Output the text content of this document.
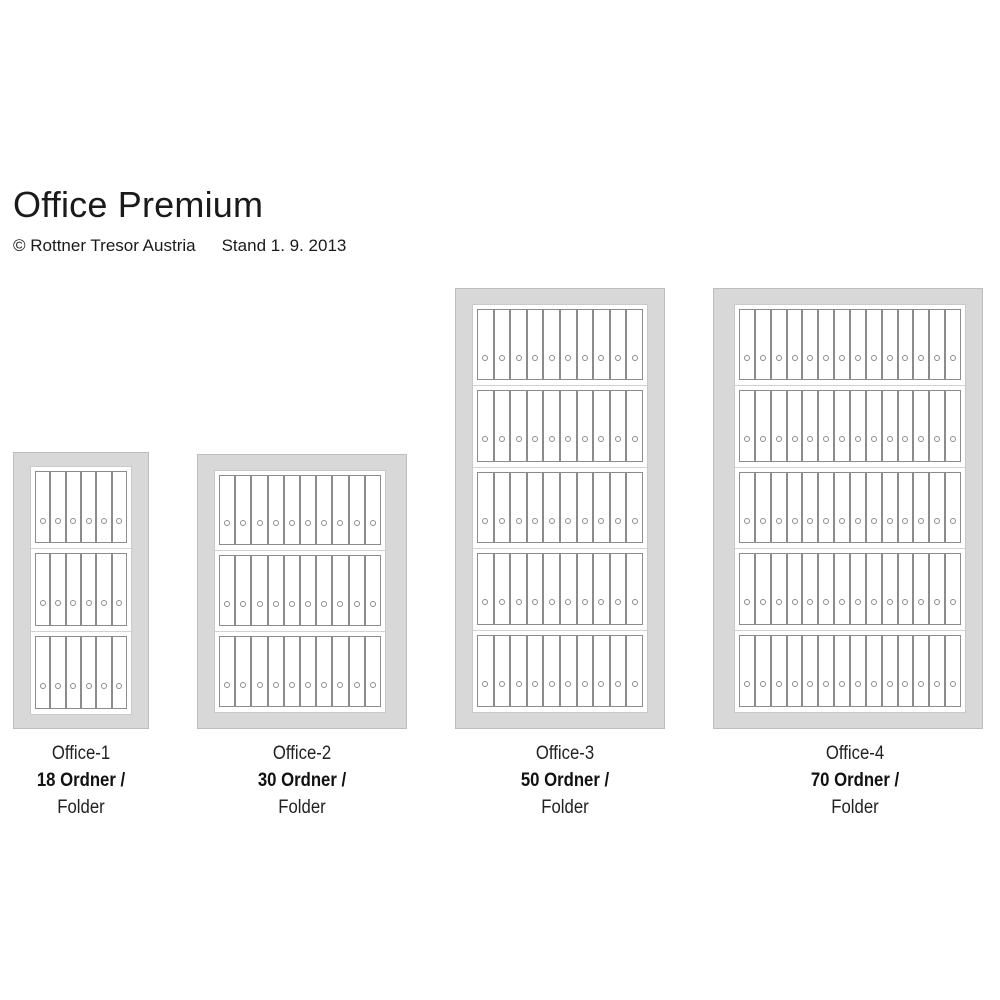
Office Premium
© Rottner Tresor Austria Stand 1. 9. 2013
Office-1
18 Ordner /
Folder
Office-2
30 Ordner /
Folder
Office-3
50 Ordner /
Folder
Office-4
70 Ordner /
Folder
